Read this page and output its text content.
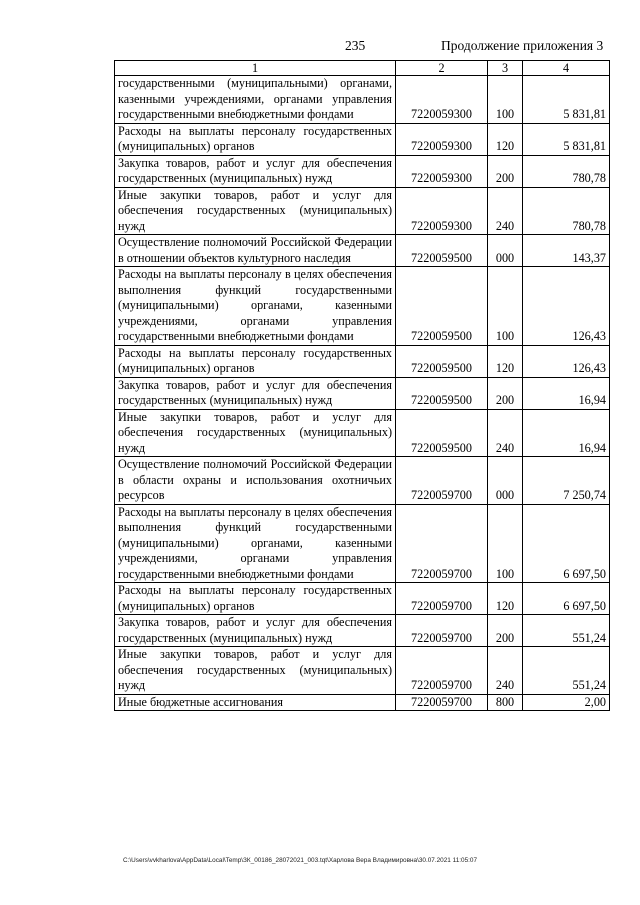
235	Продолжение приложения 3
1	2	3	4
государственными (муниципальными) органами, казенными учреждениями, органами управления государственными внебюджетными фондами	7220059300	100	5 831,81
Расходы на выплаты персоналу государственных (муниципальных) органов	7220059300	120	5 831,81
Закупка товаров, работ и услуг для обеспечения государственных (муниципальных) нужд	7220059300	200	780,78
Иные закупки товаров, работ и услуг для обеспечения государственных (муниципальных) нужд	7220059300	240	780,78
Осуществление полномочий Российской Федерации в отношении объектов культурного наследия	7220059500	000	143,37
Расходы на выплаты персоналу в целях обеспечения выполнения функций государственными (муниципальными) органами, казенными учреждениями, органами управления государственными внебюджетными фондами	7220059500	100	126,43
Расходы на выплаты персоналу государственных (муниципальных) органов	7220059500	120	126,43
Закупка товаров, работ и услуг для обеспечения государственных (муниципальных) нужд	7220059500	200	16,94
Иные закупки товаров, работ и услуг для обеспечения государственных (муниципальных) нужд	7220059500	240	16,94
Осуществление полномочий Российской Федерации в области охраны и использования охотничьих ресурсов	7220059700	000	7 250,74
Расходы на выплаты персоналу в целях обеспечения выполнения функций государственными (муниципальными) органами, казенными учреждениями, органами управления государственными внебюджетными фондами	7220059700	100	6 697,50
Расходы на выплаты персоналу государственных (муниципальных) органов	7220059700	120	6 697,50
Закупка товаров, работ и услуг для обеспечения государственных (муниципальных) нужд	7220059700	200	551,24
Иные закупки товаров, работ и услуг для обеспечения государственных (муниципальных) нужд	7220059700	240	551,24
Иные бюджетные ассигнования	7220059700	800	2,00
C:\Users\vvkharlova\AppData\Local\Temp\ЗК_00186_28072021_003.tqt\Харлова Вера Владимировна\30.07.2021 11:05:07
